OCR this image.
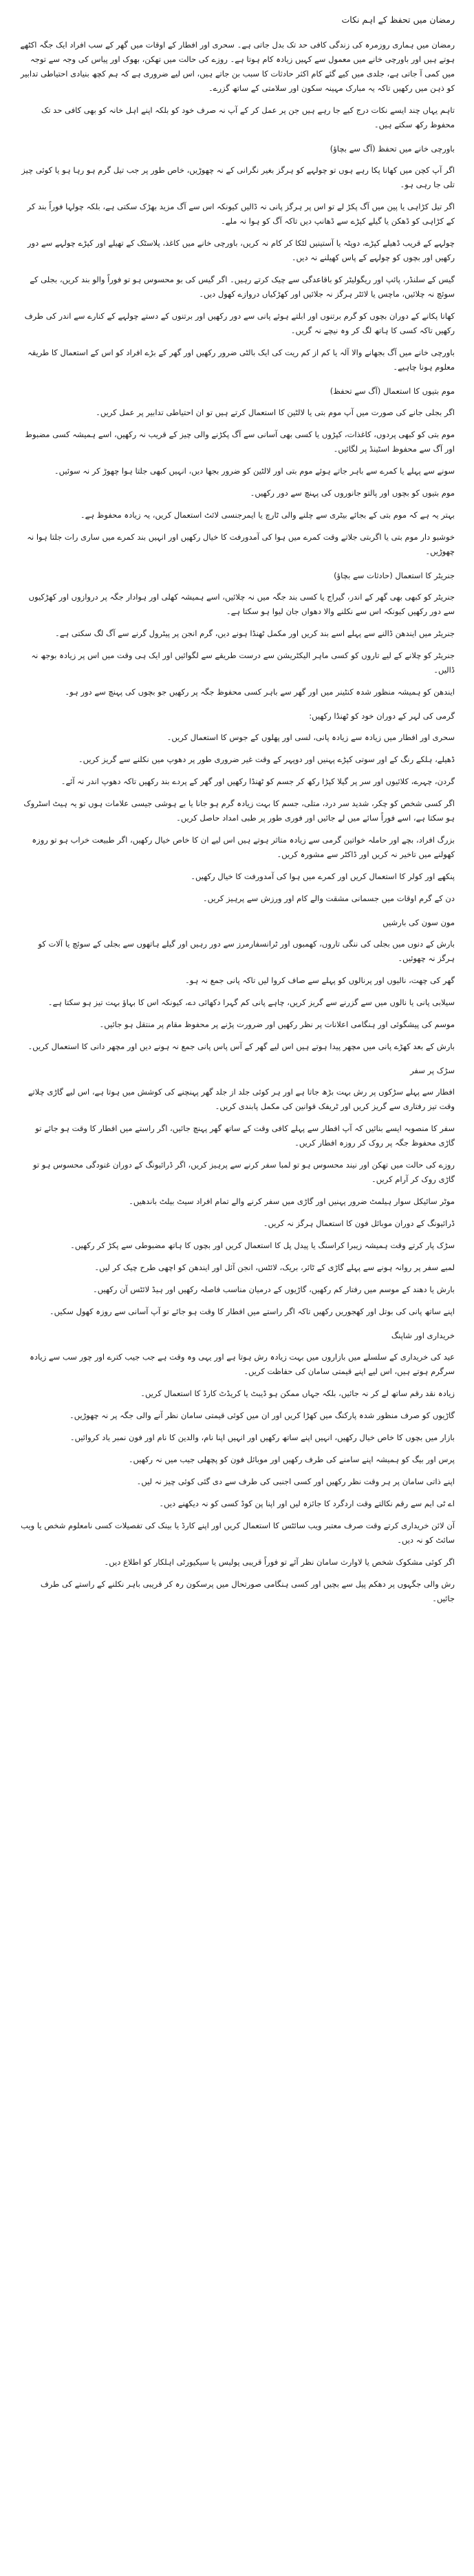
رمضان میں تحفظ کے اہم نکات

رمضان میں ہماری روزمرہ کی زندگی کافی حد تک بدل جاتی ہے۔ سحری اور افطار کے اوقات میں گھر کے سب افراد ایک جگہ اکٹھے ہوتے ہیں اور باورچی خانے میں معمول سے کہیں زیادہ کام ہوتا ہے۔ روزے کی حالت میں تھکن، بھوک اور پیاس کی وجہ سے توجہ میں کمی آ جاتی ہے، جلدی میں کیے گئے کام اکثر حادثات کا سبب بن جاتے ہیں، اس لیے ضروری ہے کہ ہم کچھ بنیادی احتیاطی تدابیر کو ذہن میں رکھیں تاکہ یہ مبارک مہینہ سکون اور سلامتی کے ساتھ گزرے۔

تاہم یہاں چند ایسے نکات درج کیے جا رہے ہیں جن پر عمل کر کے آپ نہ صرف خود کو بلکہ اپنے اہل خانہ کو بھی کافی حد تک محفوظ رکھ سکتے ہیں۔

باورچی خانے میں تحفظ (آگ سے بچاؤ)

اگر آپ کچن میں کھانا پکا رہے ہوں تو چولہے کو ہرگز بغیر نگرانی کے نہ چھوڑیں، خاص طور پر جب تیل گرم ہو رہا ہو یا کوئی چیز تلی جا رہی ہو۔

اگر تیل کڑاہی یا پین میں آگ پکڑ لے تو اس پر ہرگز پانی نہ ڈالیں کیونکہ اس سے آگ مزید بھڑک سکتی ہے، بلکہ چولہا فوراً بند کر کے کڑاہی کو ڈھکن یا گیلے کپڑے سے ڈھانپ دیں تاکہ آگ کو ہوا نہ ملے۔

چولہے کے قریب ڈھیلے کپڑے، دوپٹہ یا آستینیں لٹکا کر کام نہ کریں، باورچی خانے میں کاغذ، پلاسٹک کے تھیلے اور کپڑے چولہے سے دور رکھیں اور بچوں کو چولہے کے پاس کھیلنے نہ دیں۔

گیس کے سلنڈر، پائپ اور ریگولیٹر کو باقاعدگی سے چیک کرتے رہیں۔ اگر گیس کی بو محسوس ہو تو فوراً والو بند کریں، بجلی کے سوئچ نہ چلائیں، ماچس یا لائٹر ہرگز نہ جلائیں اور کھڑکیاں دروازے کھول دیں۔

کھانا پکانے کے دوران بچوں کو گرم برتنوں اور ابلتے ہوئے پانی سے دور رکھیں اور برتنوں کے دستے چولہے کے کنارے سے اندر کی طرف رکھیں تاکہ کسی کا ہاتھ لگ کر وہ نیچے نہ گریں۔

باورچی خانے میں آگ بجھانے والا آلہ یا کم از کم ریت کی ایک بالٹی ضرور رکھیں اور گھر کے بڑے افراد کو اس کے استعمال کا طریقہ معلوم ہونا چاہیے۔

موم بتیوں کا استعمال (آگ سے تحفظ)

اگر بجلی جانے کی صورت میں آپ موم بتی یا لالٹین کا استعمال کرتے ہیں تو ان احتیاطی تدابیر پر عمل کریں۔

موم بتی کو کبھی پردوں، کاغذات، کپڑوں یا کسی بھی آسانی سے آگ پکڑنے والی چیز کے قریب نہ رکھیں، اسے ہمیشہ کسی مضبوط اور آگ سے محفوظ اسٹینڈ پر لگائیں۔

سونے سے پہلے یا کمرے سے باہر جاتے ہوئے موم بتی اور لالٹین کو ضرور بجھا دیں، انہیں کبھی جلتا ہوا چھوڑ کر نہ سوئیں۔

موم بتیوں کو بچوں اور پالتو جانوروں کی پہنچ سے دور رکھیں۔

بہتر یہ ہے کہ موم بتی کے بجائے بیٹری سے چلنے والی ٹارچ یا ایمرجنسی لائٹ استعمال کریں، یہ زیادہ محفوظ ہے۔

خوشبو دار موم بتی یا اگربتی جلاتے وقت کمرے میں ہوا کی آمدورفت کا خیال رکھیں اور انہیں بند کمرے میں ساری رات جلتا ہوا نہ چھوڑیں۔

جنریٹر کا استعمال (حادثات سے بچاؤ)

جنریٹر کو کبھی بھی گھر کے اندر، گیراج یا کسی بند جگہ میں نہ چلائیں، اسے ہمیشہ کھلی اور ہوادار جگہ پر دروازوں اور کھڑکیوں سے دور رکھیں کیونکہ اس سے نکلنے والا دھواں جان لیوا ہو سکتا ہے۔

جنریٹر میں ایندھن ڈالنے سے پہلے اسے بند کریں اور مکمل ٹھنڈا ہونے دیں، گرم انجن پر پیٹرول گرنے سے آگ لگ سکتی ہے۔

جنریٹر کو چلانے کے لیے تاروں کو کسی ماہر الیکٹریشن سے درست طریقے سے لگوائیں اور ایک ہی وقت میں اس پر زیادہ بوجھ نہ ڈالیں۔

ایندھن کو ہمیشہ منظور شدہ کنٹینر میں اور گھر سے باہر کسی محفوظ جگہ پر رکھیں جو بچوں کی پہنچ سے دور ہو۔

گرمی کی لہر کے دوران خود کو ٹھنڈا رکھیں:

سحری اور افطار میں زیادہ سے زیادہ پانی، لسی اور پھلوں کے جوس کا استعمال کریں۔

ڈھیلے، ہلکے رنگ کے اور سوتی کپڑے پہنیں اور دوپہر کے وقت غیر ضروری طور پر دھوپ میں نکلنے سے گریز کریں۔

گردن، چہرے، کلائیوں اور سر پر گیلا کپڑا رکھ کر جسم کو ٹھنڈا رکھیں اور گھر کے پردے بند رکھیں تاکہ دھوپ اندر نہ آئے۔

اگر کسی شخص کو چکر، شدید سر درد، متلی، جسم کا بہت زیادہ گرم ہو جانا یا بے ہوشی جیسی علامات ہوں تو یہ ہیٹ اسٹروک ہو سکتا ہے، اسے فوراً سائے میں لے جائیں اور فوری طور پر طبی امداد حاصل کریں۔

بزرگ افراد، بچے اور حاملہ خواتین گرمی سے زیادہ متاثر ہوتے ہیں اس لیے ان کا خاص خیال رکھیں، اگر طبیعت خراب ہو تو روزہ کھولنے میں تاخیر نہ کریں اور ڈاکٹر سے مشورہ کریں۔

پنکھے اور کولر کا استعمال کریں اور کمرے میں ہوا کی آمدورفت کا خیال رکھیں۔

دن کے گرم اوقات میں جسمانی مشقت والے کام اور ورزش سے پرہیز کریں۔

مون سون کی بارشیں

بارش کے دنوں میں بجلی کی ننگی تاروں، کھمبوں اور ٹرانسفارمرز سے دور رہیں اور گیلے ہاتھوں سے بجلی کے سوئچ یا آلات کو ہرگز نہ چھوئیں۔

گھر کی چھت، نالیوں اور پرنالوں کو پہلے سے صاف کروا لیں تاکہ پانی جمع نہ ہو۔

سیلابی پانی یا نالوں میں سے گزرنے سے گریز کریں، چاہے پانی کم گہرا دکھائی دے، کیونکہ اس کا بہاؤ بہت تیز ہو سکتا ہے۔

موسم کی پیشگوئی اور ہنگامی اعلانات پر نظر رکھیں اور ضرورت پڑنے پر محفوظ مقام پر منتقل ہو جائیں۔

بارش کے بعد کھڑے پانی میں مچھر پیدا ہوتے ہیں اس لیے گھر کے آس پاس پانی جمع نہ ہونے دیں اور مچھر دانی کا استعمال کریں۔

سڑک پر سفر

افطار سے پہلے سڑکوں پر رش بہت بڑھ جاتا ہے اور ہر کوئی جلد از جلد گھر پہنچنے کی کوشش میں ہوتا ہے، اس لیے گاڑی چلاتے وقت تیز رفتاری سے گریز کریں اور ٹریفک قوانین کی مکمل پابندی کریں۔

سفر کا منصوبہ ایسے بنائیں کہ آپ افطار سے پہلے کافی وقت کے ساتھ گھر پہنچ جائیں، اگر راستے میں افطار کا وقت ہو جائے تو گاڑی محفوظ جگہ پر روک کر روزہ افطار کریں۔

روزے کی حالت میں تھکن اور نیند محسوس ہو تو لمبا سفر کرنے سے پرہیز کریں، اگر ڈرائیونگ کے دوران غنودگی محسوس ہو تو گاڑی روک کر آرام کریں۔

موٹر سائیکل سوار ہیلمٹ ضرور پہنیں اور گاڑی میں سفر کرنے والے تمام افراد سیٹ بیلٹ باندھیں۔

ڈرائیونگ کے دوران موبائل فون کا استعمال ہرگز نہ کریں۔

سڑک پار کرتے وقت ہمیشہ زیبرا کراسنگ یا پیدل پل کا استعمال کریں اور بچوں کا ہاتھ مضبوطی سے پکڑ کر رکھیں۔

لمبے سفر پر روانہ ہونے سے پہلے گاڑی کے ٹائر، بریک، لائٹس، انجن آئل اور ایندھن کو اچھی طرح چیک کر لیں۔

بارش یا دھند کے موسم میں رفتار کم رکھیں، گاڑیوں کے درمیان مناسب فاصلہ رکھیں اور ہیڈ لائٹس آن رکھیں۔

اپنے ساتھ پانی کی بوتل اور کھجوریں رکھیں تاکہ اگر راستے میں افطار کا وقت ہو جائے تو آپ آسانی سے روزہ کھول سکیں۔

خریداری اور شاپنگ

عید کی خریداری کے سلسلے میں بازاروں میں بہت زیادہ رش ہوتا ہے اور یہی وہ وقت ہے جب جیب کترے اور چور سب سے زیادہ سرگرم ہوتے ہیں، اس لیے اپنے قیمتی سامان کی حفاظت کریں۔

زیادہ نقد رقم ساتھ لے کر نہ جائیں، بلکہ جہاں ممکن ہو ڈیبٹ یا کریڈٹ کارڈ کا استعمال کریں۔

گاڑیوں کو صرف منظور شدہ پارکنگ میں کھڑا کریں اور ان میں کوئی قیمتی سامان نظر آنے والی جگہ پر نہ چھوڑیں۔

بازار میں بچوں کا خاص خیال رکھیں، انہیں اپنے ساتھ رکھیں اور انہیں اپنا نام، والدین کا نام اور فون نمبر یاد کروائیں۔

پرس اور بیگ کو ہمیشہ اپنے سامنے کی طرف رکھیں اور موبائل فون کو پچھلی جیب میں نہ رکھیں۔

اپنے ذاتی سامان پر ہر وقت نظر رکھیں اور کسی اجنبی کی طرف سے دی گئی کوئی چیز نہ لیں۔

اے ٹی ایم سے رقم نکالتے وقت اردگرد کا جائزہ لیں اور اپنا پن کوڈ کسی کو نہ دیکھنے دیں۔

آن لائن خریداری کرتے وقت صرف معتبر ویب سائٹس کا استعمال کریں اور اپنے کارڈ یا بینک کی تفصیلات کسی نامعلوم شخص یا ویب سائٹ کو نہ دیں۔

اگر کوئی مشکوک شخص یا لاوارث سامان نظر آئے تو فوراً قریبی پولیس یا سیکیورٹی اہلکار کو اطلاع دیں۔

رش والی جگہوں پر دھکم پیل سے بچیں اور کسی ہنگامی صورتحال میں پرسکون رہ کر قریبی باہر نکلنے کے راستے کی طرف جائیں۔
